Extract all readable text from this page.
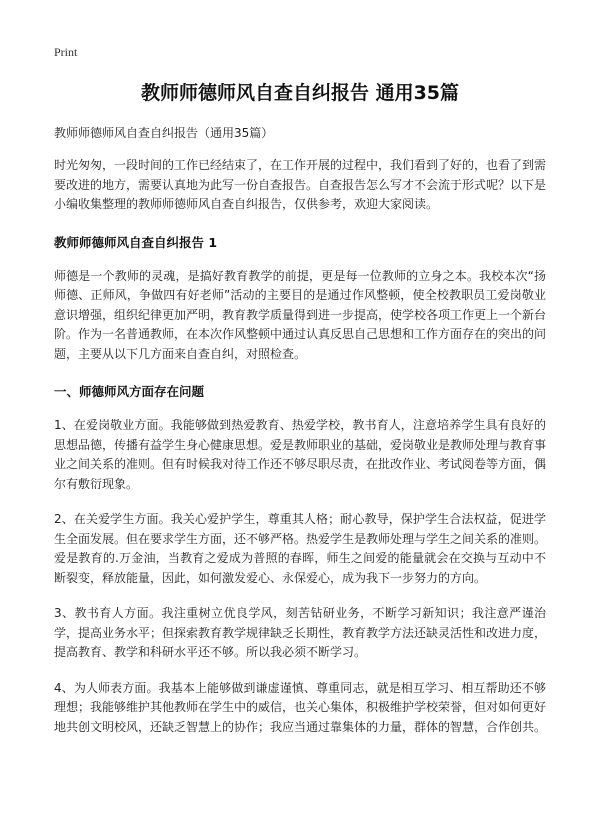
Print
教师师德师风自查自纠报告 通用35篇

教师师德师风自查自纠报告（通用35篇）

时光匆匆，一段时间的工作已经结束了，在工作开展的过程中，我们看到了好的，也看了到需要改进的地方，需要认真地为此写一份自查报告。自查报告怎么写才不会流于形式呢？以下是小编收集整理的教师师德师风自查自纠报告，仅供参考，欢迎大家阅读。

教师师德师风自查自纠报告 1

师德是一个教师的灵魂，是搞好教育教学的前提，更是每一位教师的立身之本。我校本次“扬师德、正师风，争做四有好老师”活动的主要目的是通过作风整顿，使全校教职员工爱岗敬业意识增强，组织纪律更加严明，教育教学质量得到进一步提高，使学校各项工作更上一个新台阶。作为一名普通教师，在本次作风整顿中通过认真反思自己思想和工作方面存在的突出的问题，主要从以下几方面来自查自纠，对照检查。

一、师德师风方面存在问题

1、在爱岗敬业方面。我能够做到热爱教育、热爱学校，教书育人，注意培养学生具有良好的思想品德，传播有益学生身心健康思想。爱是教师职业的基础，爱岗敬业是教师处理与教育事业之间关系的准则。但有时候我对待工作还不够尽职尽责，在批改作业、考试阅卷等方面，偶尔有敷衍现象。

2、在关爱学生方面。我关心爱护学生，尊重其人格；耐心教导，保护学生合法权益，促进学生全面发展。但在要求学生方面，还不够严格。热爱学生是教师处理与学生之间关系的准则。爱是教育的.万金油，当教育之爱成为普照的春晖，师生之间爱的能量就会在交换与互动中不断裂变，释放能量，因此，如何激发爱心、永保爱心，成为我下一步努力的方向。

3、教书育人方面。我注重树立优良学风，刻苦钻研业务，不断学习新知识；我注意严谨治学，提高业务水平；但探索教育教学规律缺乏长期性，教育教学方法还缺灵活性和改进力度，提高教育、教学和科研水平还不够。所以我必须不断学习。

4、为人师表方面。我基本上能够做到谦虚谨慎、尊重同志，就是相互学习、相互帮助还不够理想；我能够维护其他教师在学生中的威信，也关心集体，积极维护学校荣誉，但对如何更好地共创文明校风，还缺乏智慧上的协作；我应当通过靠集体的力量，群体的智慧，合作创共。
